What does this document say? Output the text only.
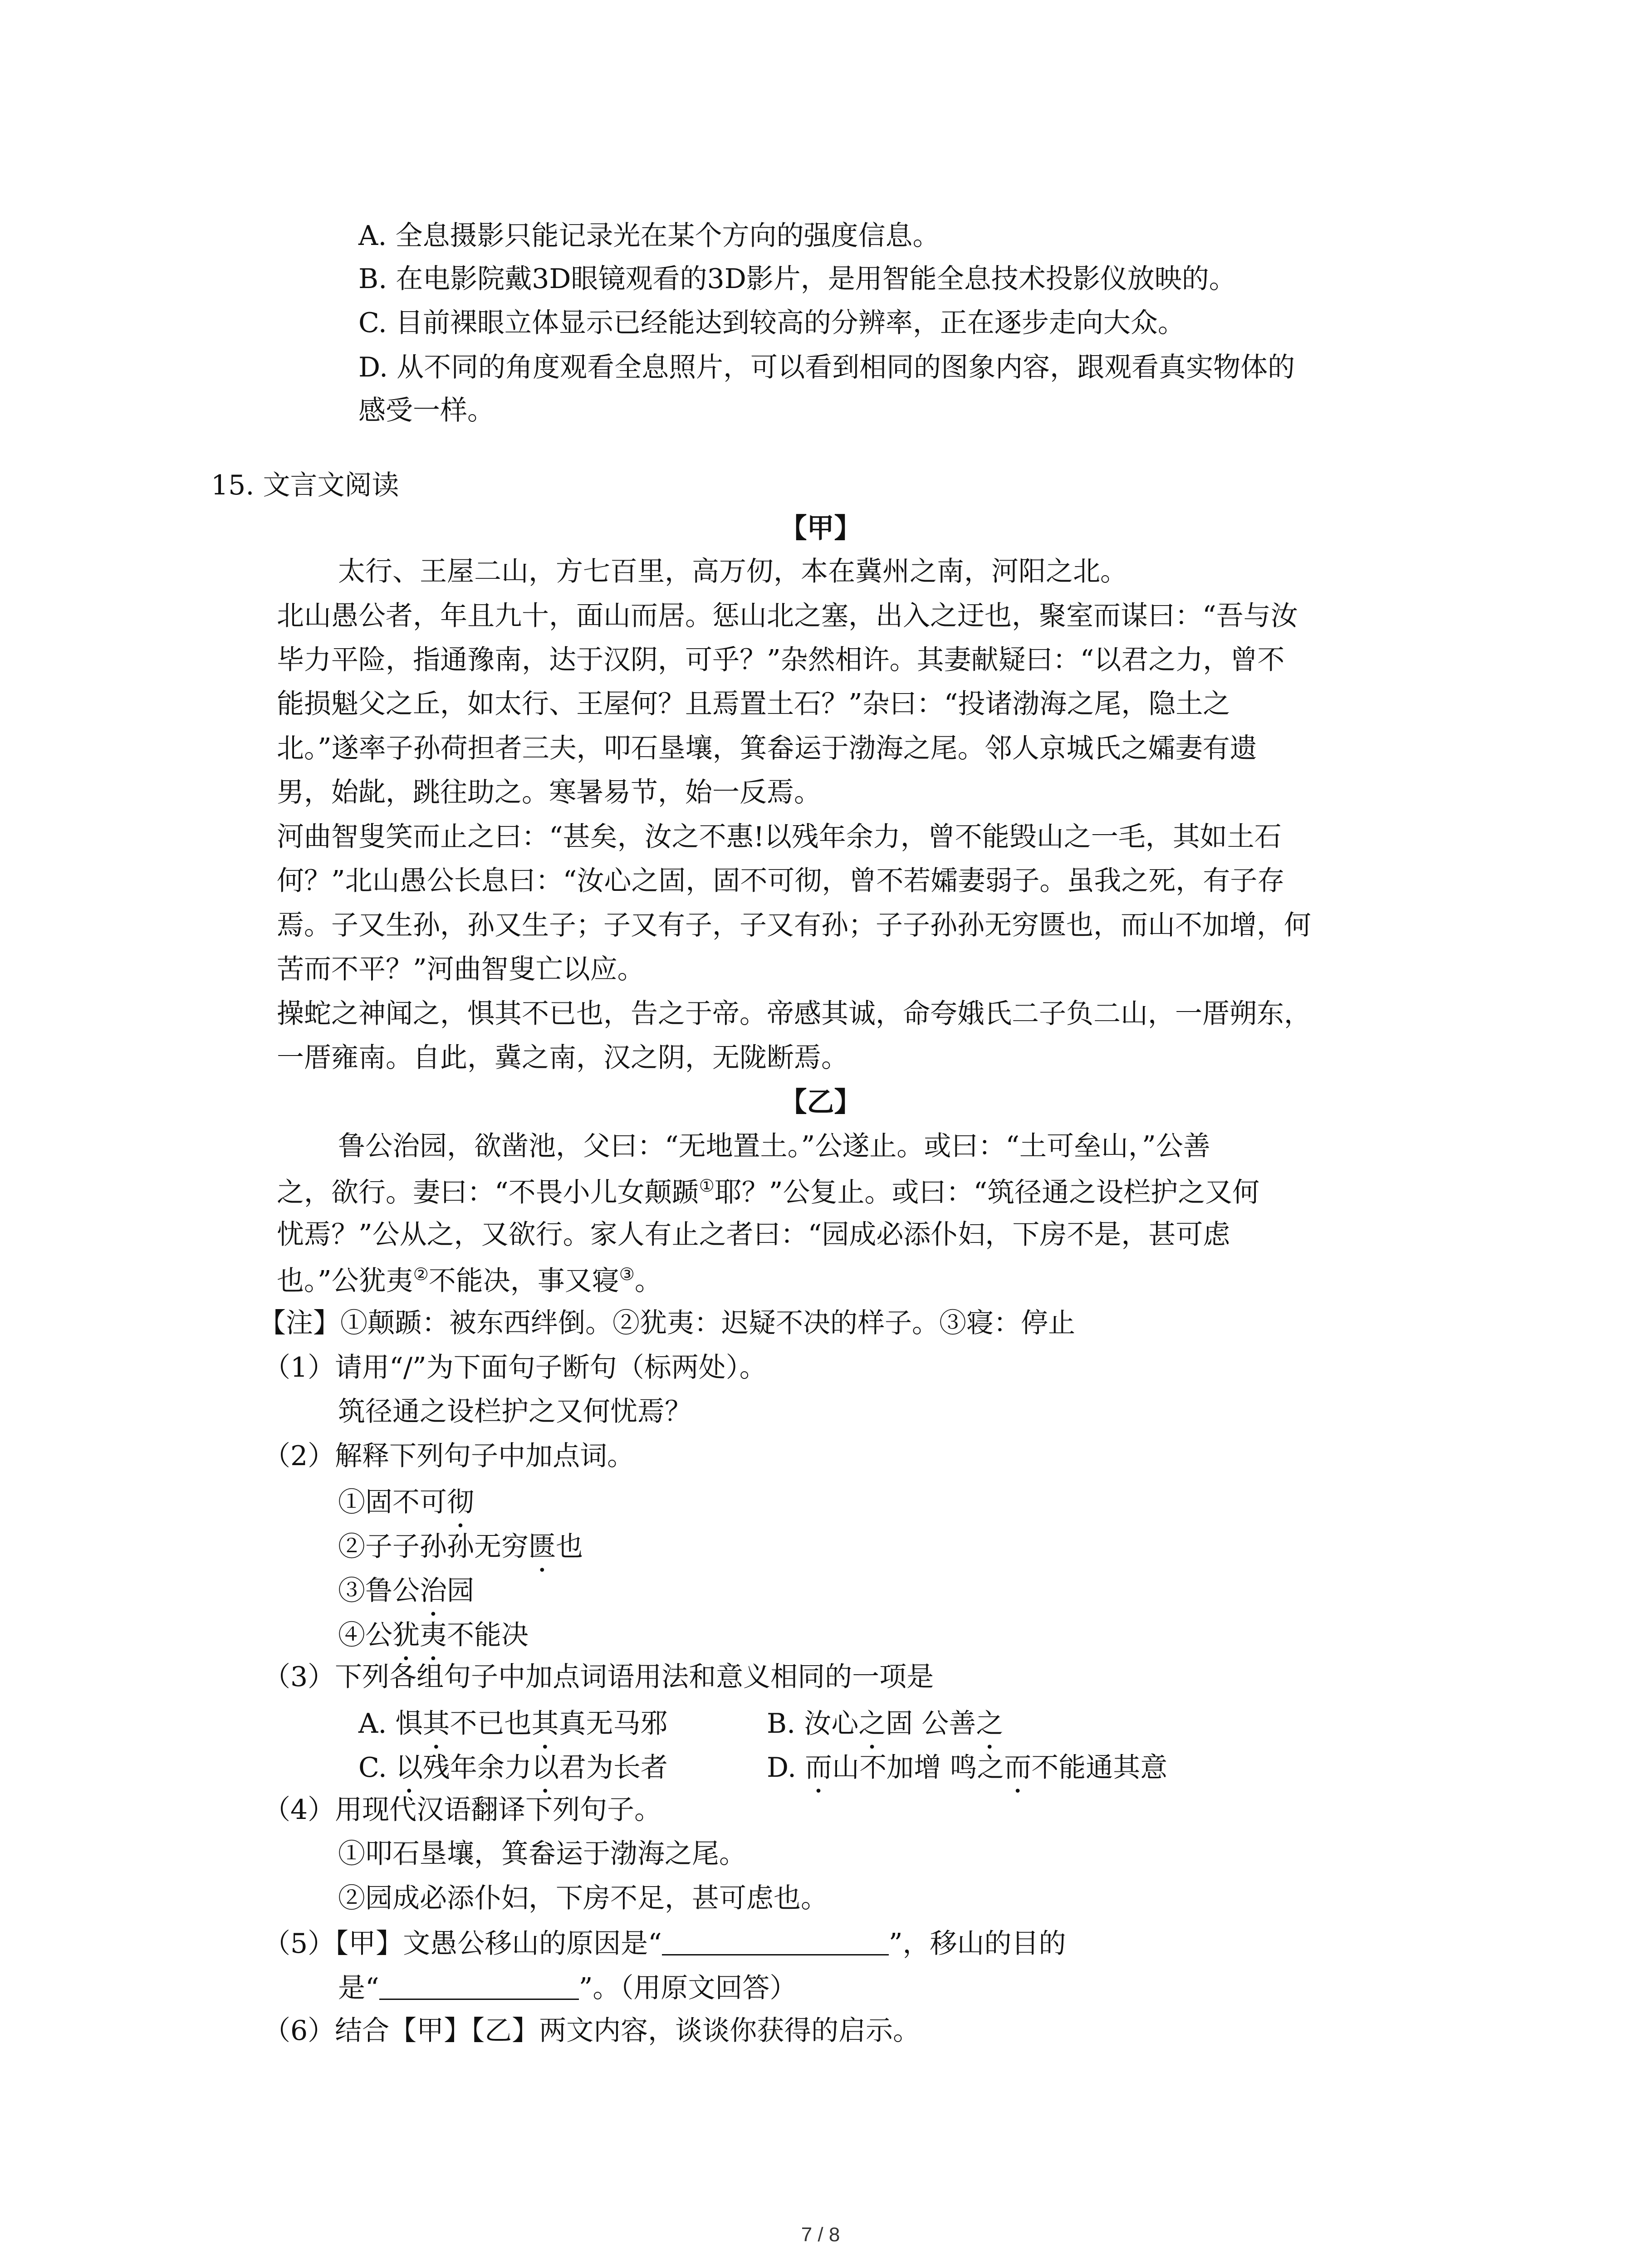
A. 全息摄影只能记录光在某个方向的强度信息。
B. 在电影院戴3D眼镜观看的3D影片，是用智能全息技术投影仪放映的。
C. 目前裸眼立体显示已经能达到较高的分辨率，正在逐步走向大众。
D. 从不同的角度观看全息照片，可以看到相同的图象内容，跟观看真实物体的
感受一样。
15. 文言文阅读
【甲】
太行、王屋二山，方七百里，高万仞，本在冀州之南，河阳之北。
北山愚公者，年且九十，面山而居。惩山北之塞，出入之迂也，聚室而谋曰：“吾与汝
毕力平险，指通豫南，达于汉阴，可乎？”杂然相许。其妻献疑曰：“以君之力，曾不
能损魁父之丘，如太行、王屋何？且焉置土石？”杂曰：“投诸渤海之尾，隐土之
北。”遂率子孙荷担者三夫，叩石垦壤，箕畚运于渤海之尾。邻人京城氏之孀妻有遗
男，始龀，跳往助之。寒暑易节，始一反焉。
河曲智叟笑而止之曰：“甚矣，汝之不惠!以残年余力，曾不能毁山之一毛，其如土石
何？”北山愚公长息曰：“汝心之固，固不可彻，曾不若孀妻弱子。虽我之死，有子存
焉。子又生孙，孙又生子；子又有子，子又有孙；子子孙孙无穷匮也，而山不加增，何
苦而不平？”河曲智叟亡以应。
操蛇之神闻之，惧其不已也，告之于帝。帝感其诚，命夸娥氏二子负二山，一厝朔东，
一厝雍南。自此，冀之南，汉之阴，无陇断焉。
【乙】
鲁公治园，欲凿池，父曰：“无地置土。”公遂止。或曰：“土可垒山，”公善
之，欲行。妻曰：“不畏小儿女颠踬①耶？”公复止。或曰：“筑径通之设栏护之又何
忧焉？”公从之，又欲行。家人有止之者曰：“园成必添仆妇，下房不是，甚可虑
也。”公犹夷②不能决，事又寝③。
【注】①颠踬：被东西绊倒。②犹夷：迟疑不决的样子。③寝：停止
（1）请用“/”为下面句子断句（标两处）。
筑径通之设栏护之又何忧焉？
（2）解释下列句子中加点词。
①固不可彻
②子子孙孙无穷匮也
③鲁公治园
④公犹夷不能决
（3）下列各组句子中加点词语用法和意义相同的一项是
A. 惧其不已也其真无马邪	B. 汝心之固 公善之
C. 以残年余力以君为长者	D. 而山不加增 鸣之而不能通其意
（4）用现代汉语翻译下列句子。
①叩石垦壤，箕畚运于渤海之尾。
②园成必添仆妇，下房不足，甚可虑也。
（5）【甲】文愚公移山的原因是“	”，移山的目的
是“	”。（用原文回答）
（6）结合【甲】【乙】两文内容，谈谈你获得的启示。
7 / 8
